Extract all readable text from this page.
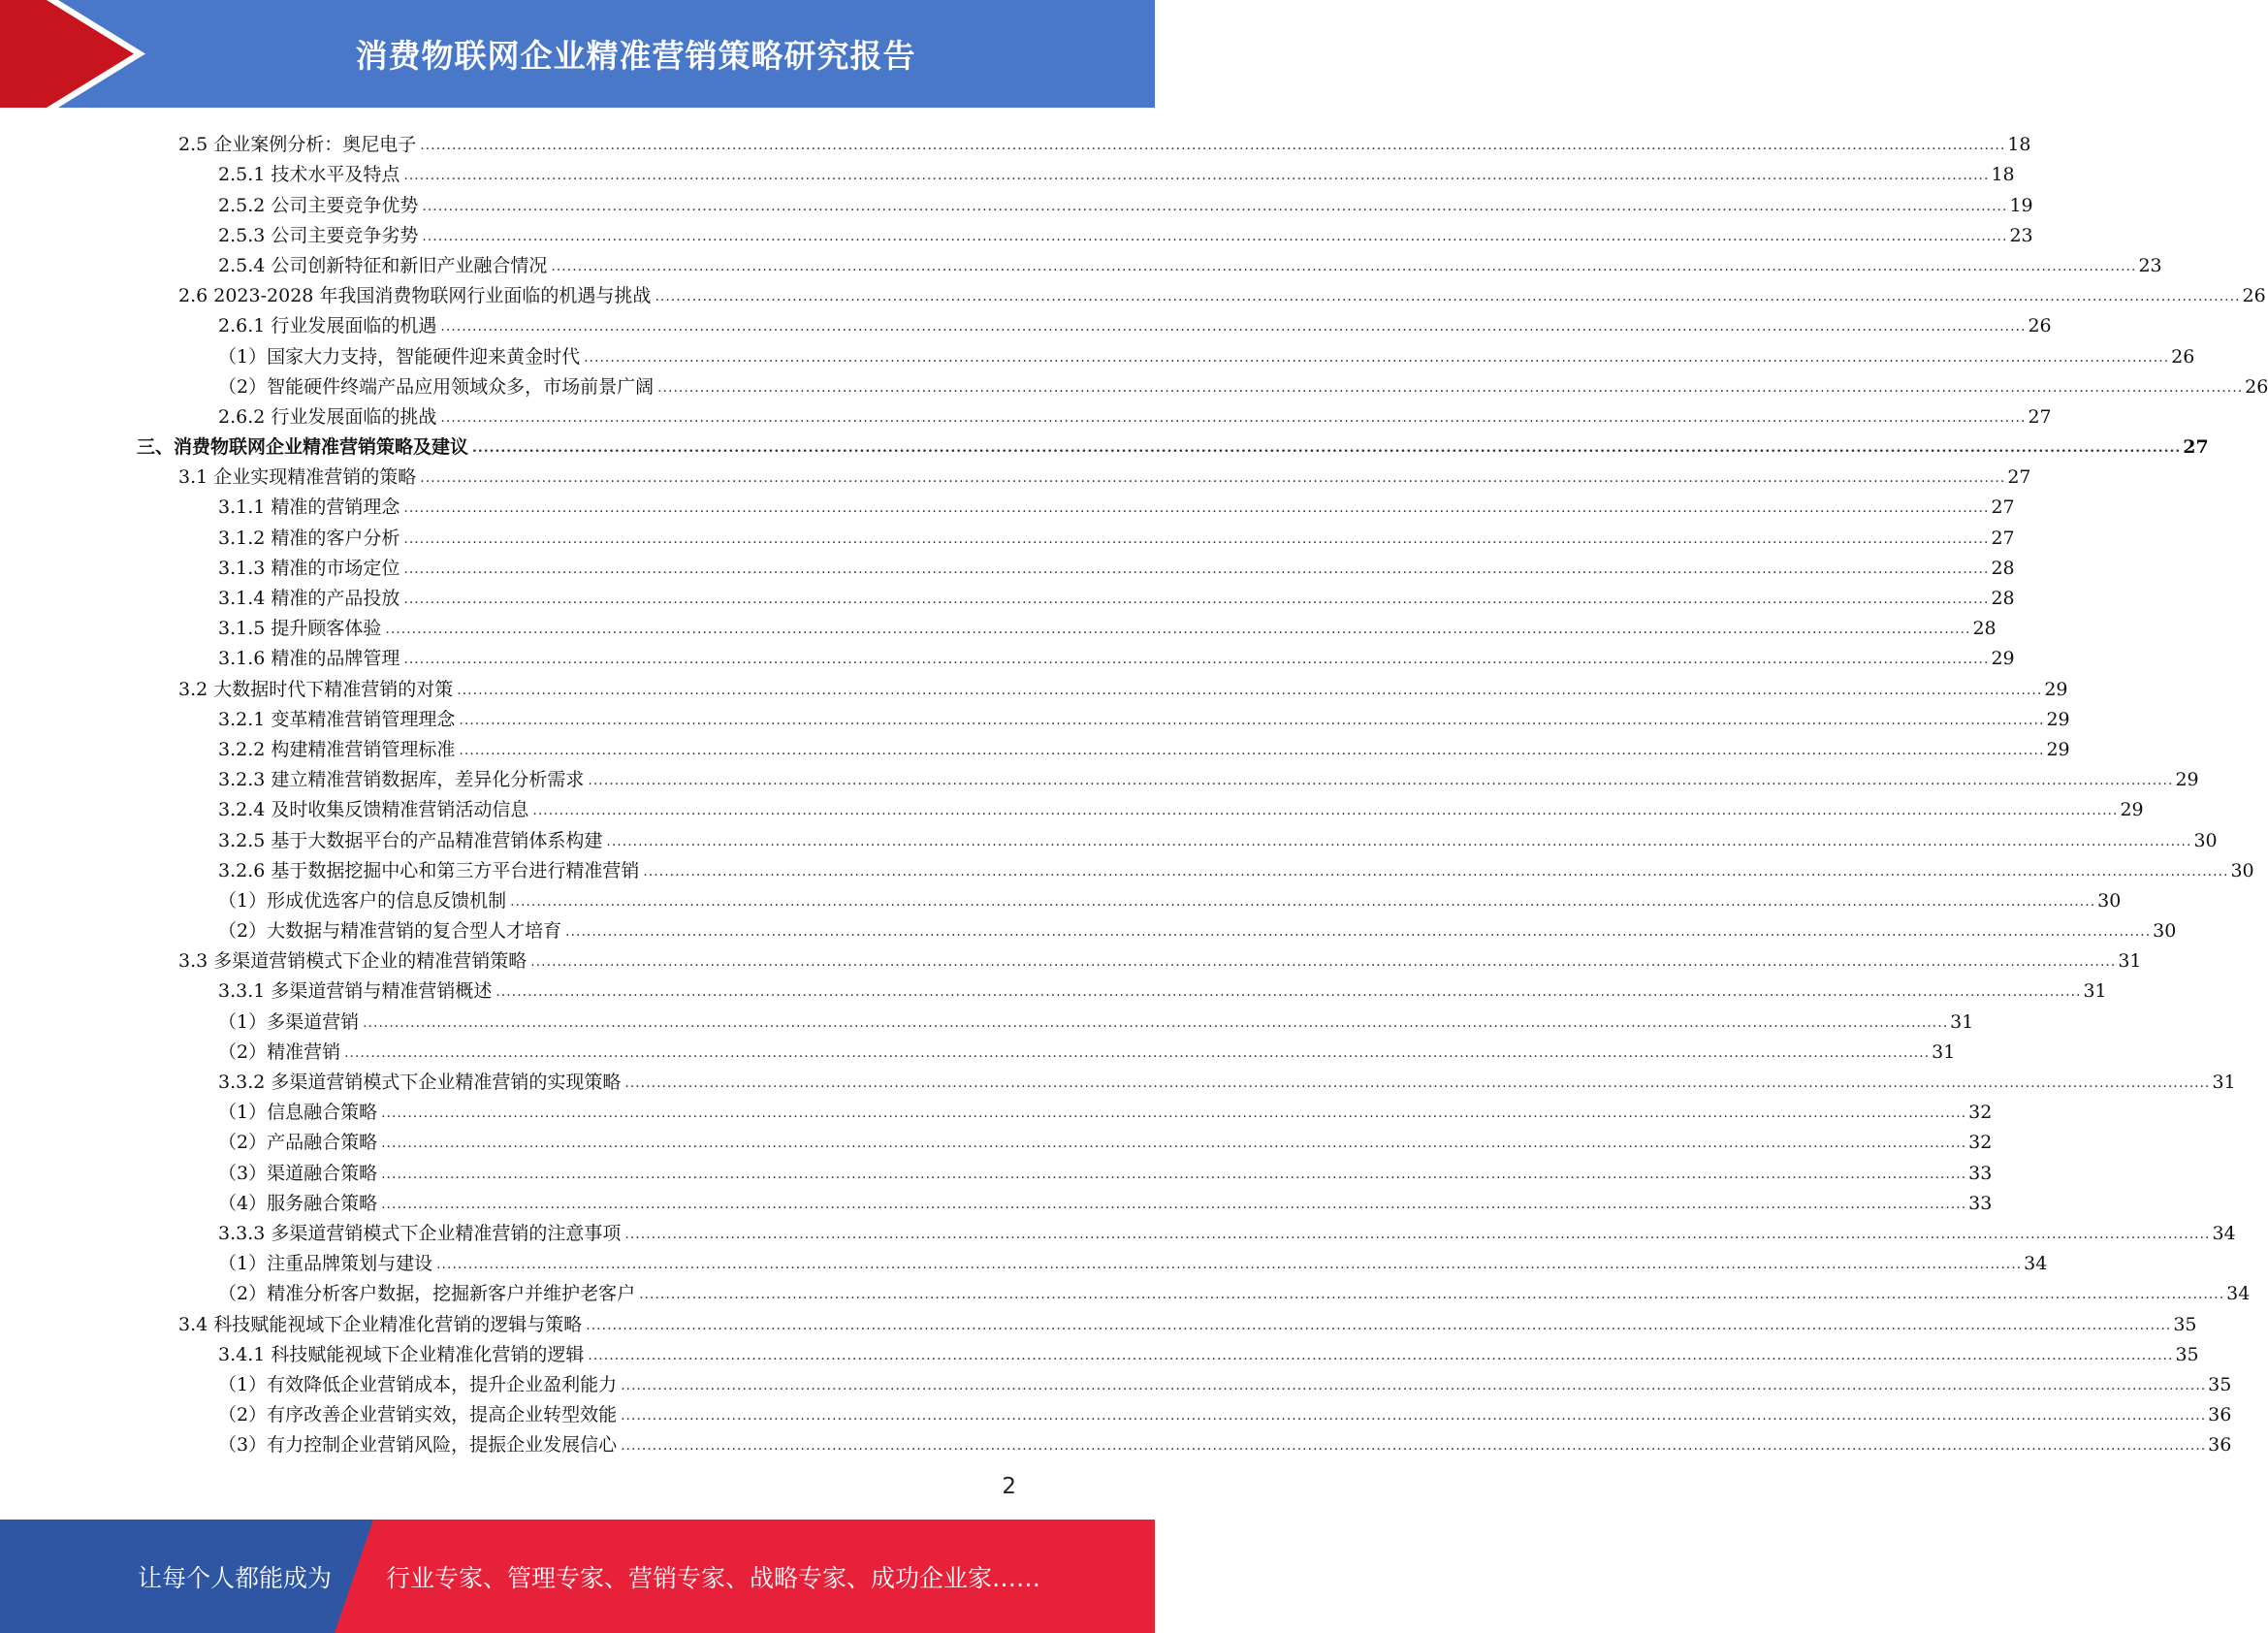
消费物联网企业精准营销策略研究报告
2.5 企业案例分析：奥尼电子 ............................................................................................................................................................................................................................................................................................................ 18
2.5.1 技术水平及特点 ............................................................................................................................................................................................................................................................................................................ 18
2.5.2 公司主要竞争优势 ............................................................................................................................................................................................................................................................................................................ 19
2.5.3 公司主要竞争劣势 ............................................................................................................................................................................................................................................................................................................ 23
2.5.4 公司创新特征和新旧产业融合情况 ............................................................................................................................................................................................................................................................................................................ 23
2.6 2023-2028 年我国消费物联网行业面临的机遇与挑战 ............................................................................................................................................................................................................................................................................................................ 26
2.6.1 行业发展面临的机遇 ............................................................................................................................................................................................................................................................................................................ 26
（1）国家大力支持，智能硬件迎来黄金时代 ............................................................................................................................................................................................................................................................................................................ 26
（2）智能硬件终端产品应用领域众多，市场前景广阔 ............................................................................................................................................................................................................................................................................................................ 26
2.6.2 行业发展面临的挑战 ............................................................................................................................................................................................................................................................................................................ 27
三、消费物联网企业精准营销策略及建议 ............................................................................................................................................................................................................................................................................................................ 27
3.1 企业实现精准营销的策略 ............................................................................................................................................................................................................................................................................................................ 27
3.1.1 精准的营销理念 ............................................................................................................................................................................................................................................................................................................ 27
3.1.2 精准的客户分析 ............................................................................................................................................................................................................................................................................................................ 27
3.1.3 精准的市场定位 ............................................................................................................................................................................................................................................................................................................ 28
3.1.4 精准的产品投放 ............................................................................................................................................................................................................................................................................................................ 28
3.1.5 提升顾客体验 ............................................................................................................................................................................................................................................................................................................ 28
3.1.6 精准的品牌管理 ............................................................................................................................................................................................................................................................................................................ 29
3.2 大数据时代下精准营销的对策 ............................................................................................................................................................................................................................................................................................................ 29
3.2.1 变革精准营销管理理念 ............................................................................................................................................................................................................................................................................................................ 29
3.2.2 构建精准营销管理标准 ............................................................................................................................................................................................................................................................................................................ 29
3.2.3 建立精准营销数据库，差异化分析需求 ............................................................................................................................................................................................................................................................................................................ 29
3.2.4 及时收集反馈精准营销活动信息 ............................................................................................................................................................................................................................................................................................................ 29
3.2.5 基于大数据平台的产品精准营销体系构建 ............................................................................................................................................................................................................................................................................................................ 30
3.2.6 基于数据挖掘中心和第三方平台进行精准营销 ............................................................................................................................................................................................................................................................................................................ 30
（1）形成优选客户的信息反馈机制 ............................................................................................................................................................................................................................................................................................................ 30
（2）大数据与精准营销的复合型人才培育 ............................................................................................................................................................................................................................................................................................................ 30
3.3 多渠道营销模式下企业的精准营销策略 ............................................................................................................................................................................................................................................................................................................ 31
3.3.1 多渠道营销与精准营销概述 ............................................................................................................................................................................................................................................................................................................ 31
（1）多渠道营销 ............................................................................................................................................................................................................................................................................................................ 31
（2）精准营销 ............................................................................................................................................................................................................................................................................................................ 31
3.3.2 多渠道营销模式下企业精准营销的实现策略 ............................................................................................................................................................................................................................................................................................................ 31
（1）信息融合策略 ............................................................................................................................................................................................................................................................................................................ 32
（2）产品融合策略 ............................................................................................................................................................................................................................................................................................................ 32
（3）渠道融合策略 ............................................................................................................................................................................................................................................................................................................ 33
（4）服务融合策略 ............................................................................................................................................................................................................................................................................................................ 33
3.3.3 多渠道营销模式下企业精准营销的注意事项 ............................................................................................................................................................................................................................................................................................................ 34
（1）注重品牌策划与建设 ............................................................................................................................................................................................................................................................................................................ 34
（2）精准分析客户数据，挖掘新客户并维护老客户 ............................................................................................................................................................................................................................................................................................................ 34
3.4 科技赋能视域下企业精准化营销的逻辑与策略 ............................................................................................................................................................................................................................................................................................................ 35
3.4.1 科技赋能视域下企业精准化营销的逻辑 ............................................................................................................................................................................................................................................................................................................ 35
（1）有效降低企业营销成本，提升企业盈利能力 ............................................................................................................................................................................................................................................................................................................ 35
（2）有序改善企业营销实效，提高企业转型效能 ............................................................................................................................................................................................................................................................................................................ 36
（3）有力控制企业营销风险，提振企业发展信心 ............................................................................................................................................................................................................................................................................................................ 36
2
让每个人都能成为 行业专家、管理专家、营销专家、战略专家、成功企业家……
